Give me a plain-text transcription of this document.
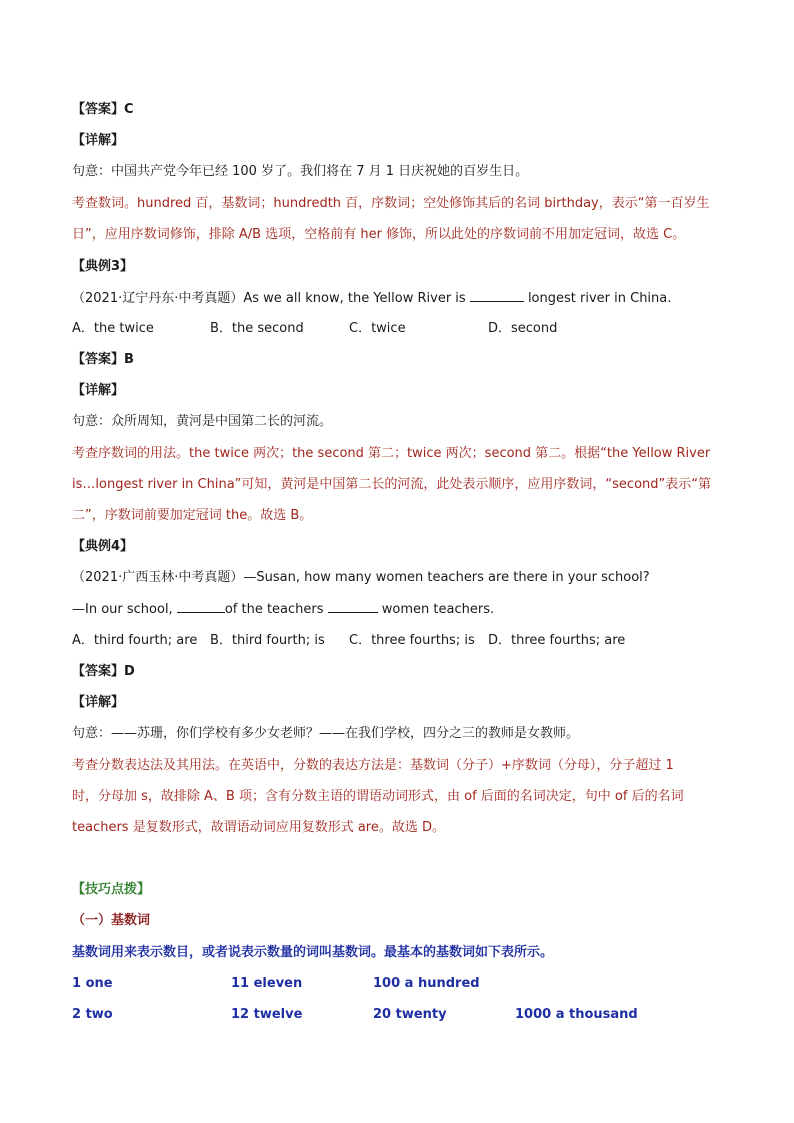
【答案】C
【详解】
句意：中国共产党今年已经 100 岁了。我们将在 7 月 1 日庆祝她的百岁生日。
考查数词。hundred 百，基数词；hundredth 百，序数词；空处修饰其后的名词 birthday，表示“第一百岁生
日”，应用序数词修饰，排除 A/B 选项，空格前有 her 修饰，所以此处的序数词前不用加定冠词，故选 C。
【典例3】
（2021·辽宁丹东·中考真题）As we all know, the Yellow River is	longest river in China.
A．the twice	B．the second	C．twice	D．second
【答案】B
【详解】
句意：众所周知，黄河是中国第二长的河流。
考查序数词的用法。the twice 两次；the second 第二；twice 两次；second 第二。根据“the Yellow River
is…longest river in China”可知，黄河是中国第二长的河流，此处表示顺序，应用序数词，“second”表示“第
二”，序数词前要加定冠词 the。故选 B。
【典例4】
（2021·广西玉林·中考真题）—Susan, how many women teachers are there in your school?
—In our school,	of the teachers	women teachers.
A．third fourth; are B．third fourth; is C．three fourths; is D．three fourths; are
【答案】D
【详解】
句意：——苏珊，你们学校有多少女老师？——在我们学校，四分之三的教师是女教师。
考查分数表达法及其用法。在英语中，分数的表达方法是：基数词（分子）+序数词（分母），分子超过 1
时，分母加 s，故排除 A、B 项；含有分数主语的谓语动词形式，由 of 后面的名词决定，句中 of 后的名词
teachers 是复数形式，故谓语动词应用复数形式 are。故选 D。
【技巧点拨】
（一）基数词
基数词用来表示数目，或者说表示数量的词叫基数词。最基本的基数词如下表所示。
1 one	11 eleven	100 a hundred
2 two	12 twelve	20 twenty	1000 a thousand
